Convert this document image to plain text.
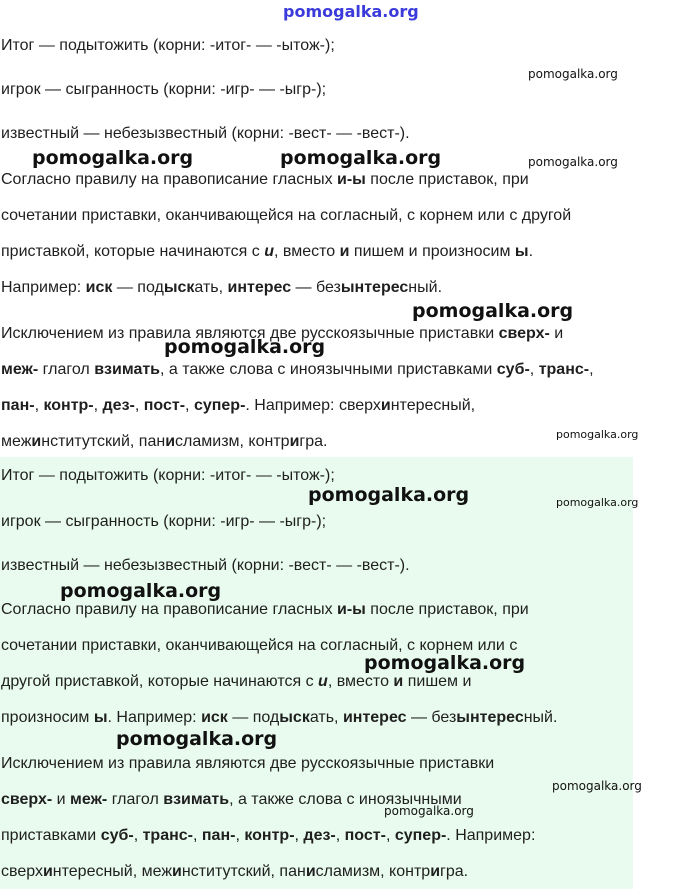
Итог — подытожить (корни: -итог- — -ытож-);
игрок — сыгранность (корни: -игр- — -ыгр-);
известный — небезызвестный (корни: -вест- — -вест-).
Согласно правилу на правописание гласных и-ы после приставок, при
сочетании приставки, оканчивающейся на согласный, с корнем или с другой
приставкой, которые начинаются с и, вместо и пишем и произносим ы.
Например: иск — подыскать, интерес — безынтересный.
Исключением из правила являются две русскоязычные приставки сверх- и
меж- глагол взимать, а также слова с иноязычными приставками суб-, транс-,
пан-, контр-, дез-, пост-, супер-. Например: сверхинтересный,
межинститутский, панисламизм, контригра.
Итог — подытожить (корни: -итог- — -ытож-);
игрок — сыгранность (корни: -игр- — -ыгр-);
известный — небезызвестный (корни: -вест- — -вест-).
Согласно правилу на правописание гласных и-ы после приставок, при
сочетании приставки, оканчивающейся на согласный, с корнем или с
другой приставкой, которые начинаются с и, вместо и пишем и
произносим ы. Например: иск — подыскать, интерес — безынтересный.
Исключением из правила являются две русскоязычные приставки
сверх- и меж- глагол взимать, а также слова с иноязычными
приставками суб-, транс-, пан-, контр-, дез-, пост-, супер-. Например:
сверхинтересный, межинститутский, панисламизм, контригра.
pomogalka.org
pomogalka.org
pomogalka.org	pomogalka.org	pomogalka.org
pomogalka.org
pomogalka.org
pomogalka.org
pomogalka.org	pomogalka.org
pomogalka.org
pomogalka.org
pomogalka.org
pomogalka.org
pomogalka.org
